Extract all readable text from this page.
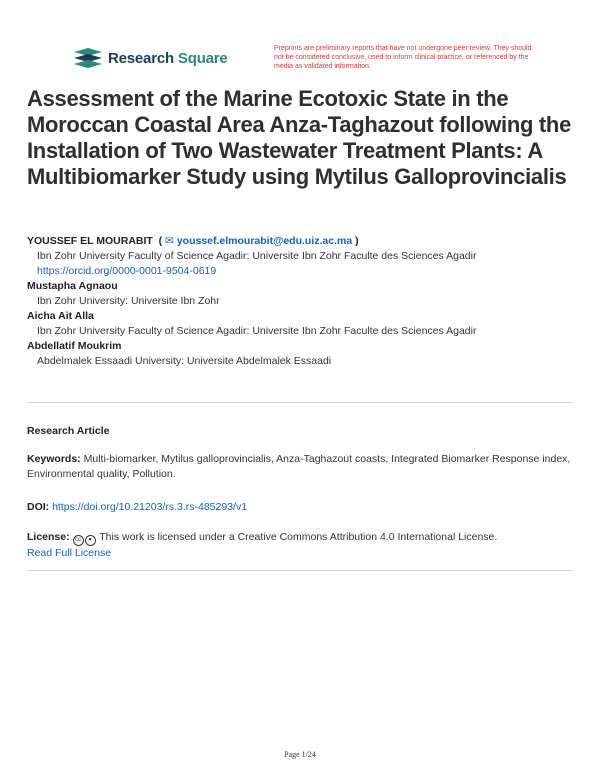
Research Square
Preprints are preliminary reports that have not undergone peer review. They should not be considered conclusive, used to inform clinical practice, or referenced by the media as validated information.
Assessment of the Marine Ecotoxic State in the Moroccan Coastal Area Anza-Taghazout following the Installation of Two Wastewater Treatment Plants: A Multibiomarker Study using Mytilus Galloprovincialis
YOUSSEF EL MOURABIT  ( ✉ youssef.elmourabit@edu.uiz.ac.ma )
Ibn Zohr University Faculty of Science Agadir: Universite Ibn Zohr Faculte des Sciences Agadir
https://orcid.org/0000-0001-9504-0619
Mustapha Agnaou
Ibn Zohr University: Universite Ibn Zohr
Aicha Ait Alla
Ibn Zohr University Faculty of Science Agadir: Universite Ibn Zohr Faculte des Sciences Agadir
Abdellatif Moukrim
Abdelmalek Essaadi University: Universite Abdelmalek Essaadi
Research Article
Keywords: Multi-biomarker, Mytilus galloprovincialis, Anza-Taghazout coasts, Integrated Biomarker Response index, Environmental quality, Pollution.
DOI: https://doi.org/10.21203/rs.3.rs-485293/v1
License: cc ● This work is licensed under a Creative Commons Attribution 4.0 International License.
Read Full License
Page 1/24
